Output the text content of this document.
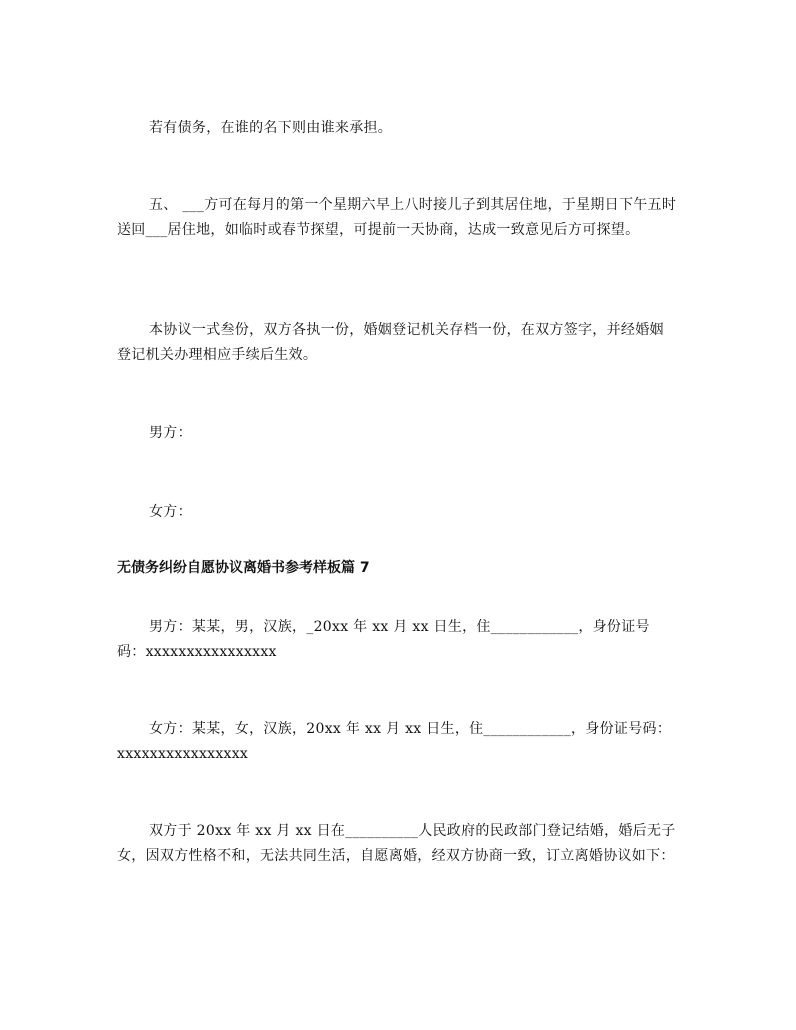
若有债务，在谁的名下则由谁来承担。

五、 ___方可在每月的第一个星期六早上八时接儿子到其居住地，于星期日下午五时送回___居住地，如临时或春节探望，可提前一天协商，达成一致意见后方可探望。

本协议一式叁份，双方各执一份，婚姻登记机关存档一份，在双方签字，并经婚姻登记机关办理相应手续后生效。

男方：

女方：

无债务纠纷自愿协议离婚书参考样板篇 7

男方：某某，男，汉族，_20xx 年 xx 月 xx 日生，住____________，身份证号码：xxxxxxxxxxxxxxxx

女方：某某，女，汉族，20xx 年 xx 月 xx 日生，住____________，身份证号码：xxxxxxxxxxxxxxxx

双方于 20xx 年 xx 月 xx 日在__________人民政府的民政部门登记结婚，婚后无子女，因双方性格不和，无法共同生活，自愿离婚，经双方协商一致，订立离婚协议如下：
